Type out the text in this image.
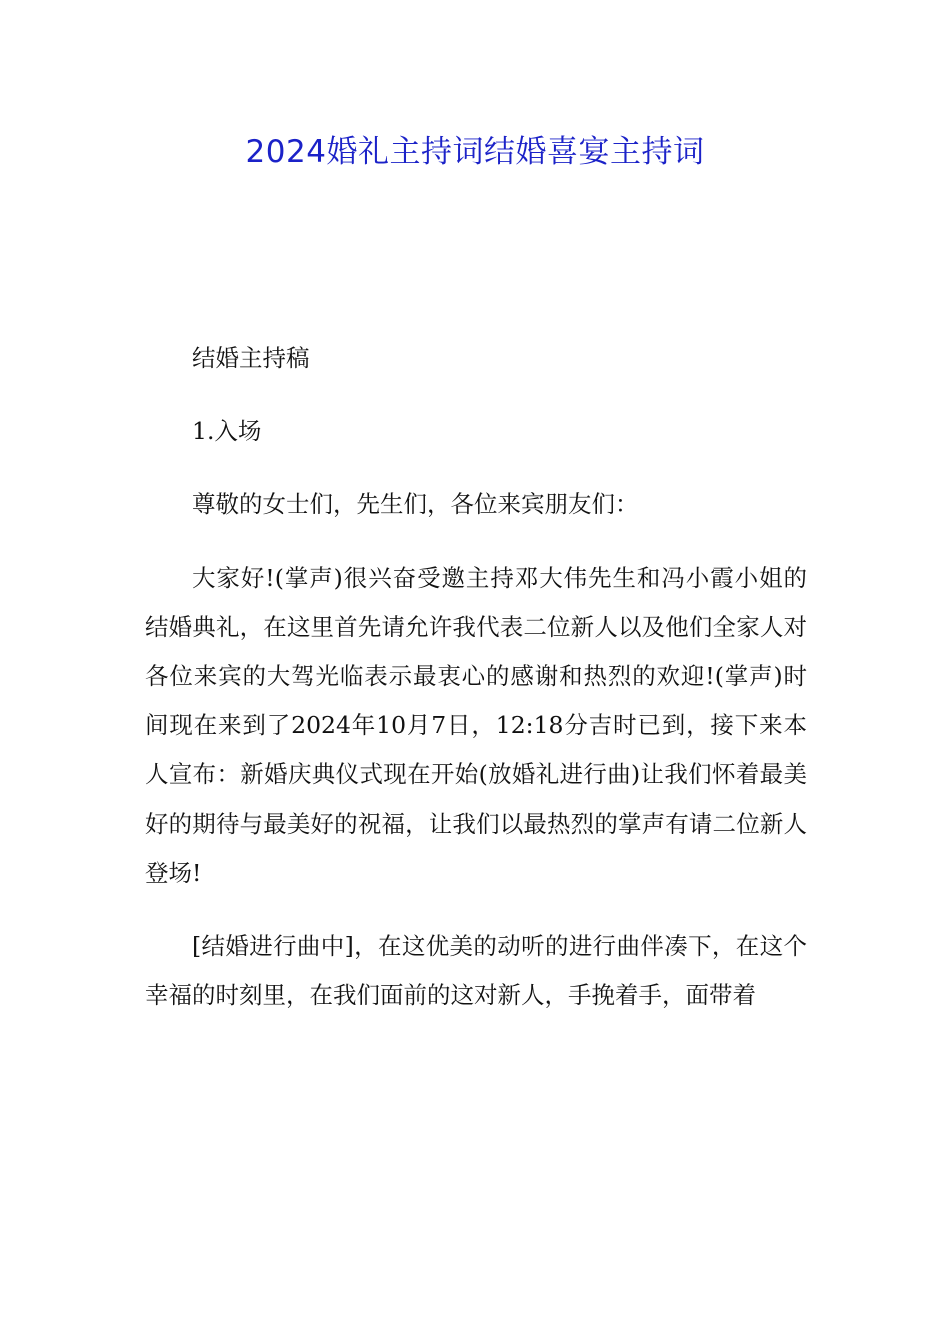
2024婚礼主持词结婚喜宴主持词

结婚主持稿

1.入场

尊敬的女士们，先生们，各位来宾朋友们：

大家好!(掌声)很兴奋受邀主持邓大伟先生和冯小霞小姐的结婚典礼，在这里首先请允许我代表二位新人以及他们全家人对各位来宾的大驾光临表示最衷心的感谢和热烈的欢迎!(掌声)时间现在来到了2024年10月7日，12:18分吉时已到，接下来本人宣布：新婚庆典仪式现在开始(放婚礼进行曲)让我们怀着最美好的期待与最美好的祝福，让我们以最热烈的掌声有请二位新人登场!

[结婚进行曲中]，在这优美的动听的进行曲伴凑下，在这个幸福的时刻里，在我们面前的这对新人，手挽着手，面带着
